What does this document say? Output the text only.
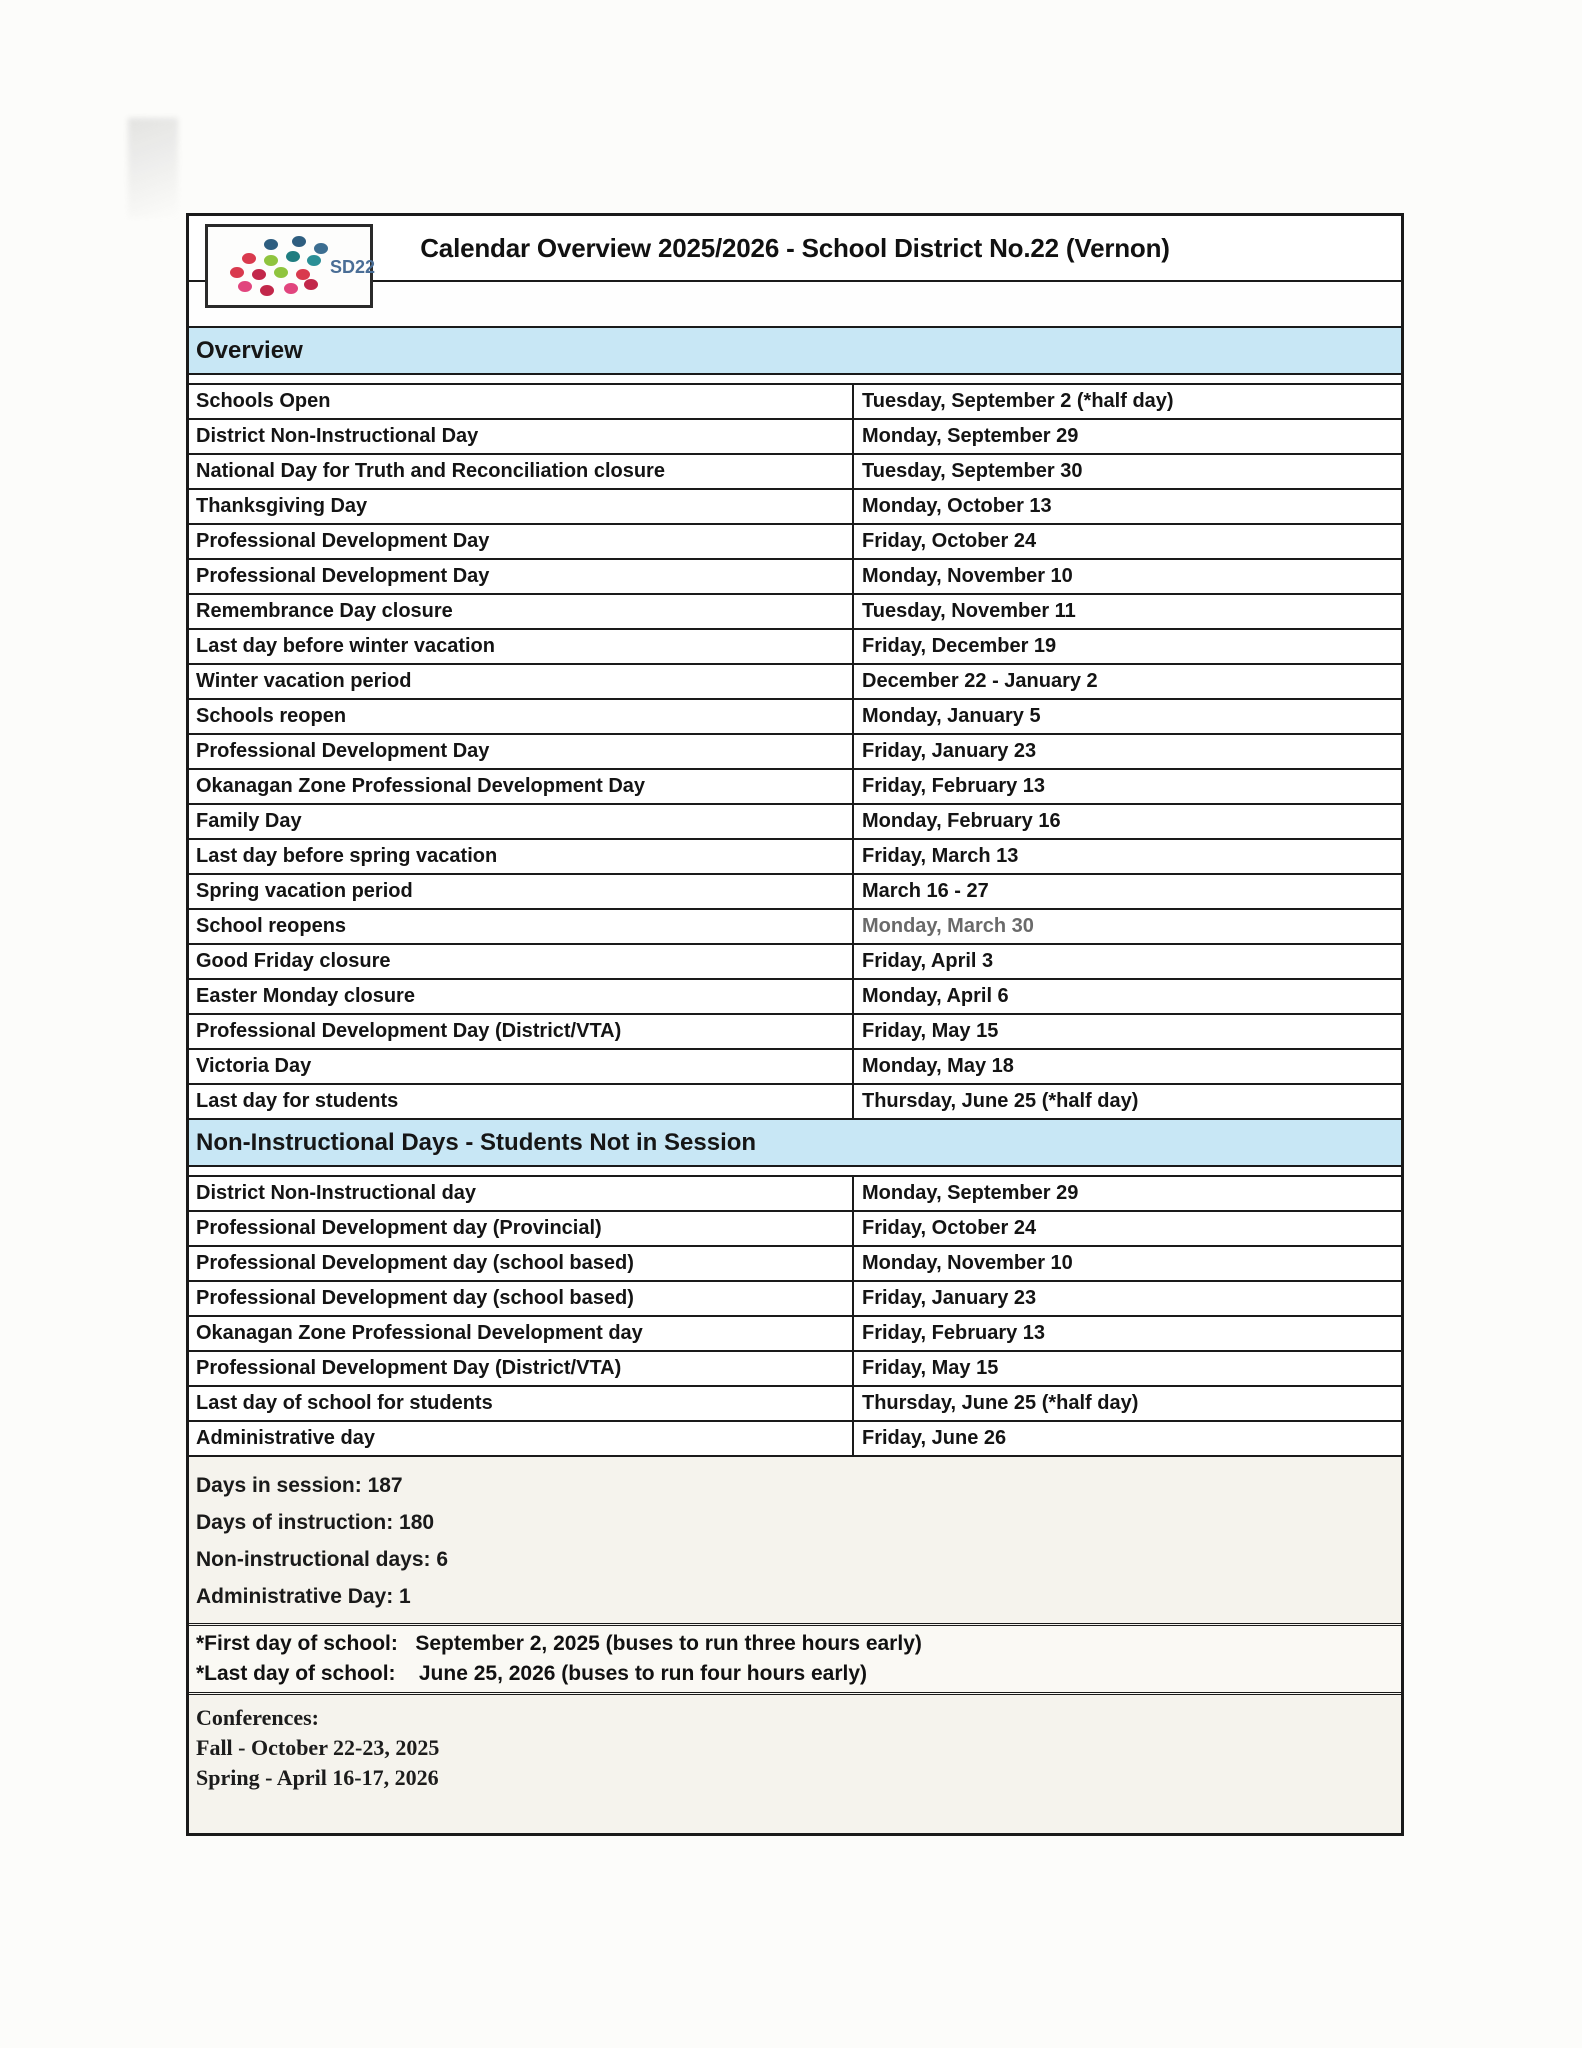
Calendar Overview 2025/2026 - School District No.22 (Vernon)
SD22
Overview
Schools Open	Tuesday, September 2 (*half day)
District Non-Instructional Day	Monday, September 29
National Day for Truth and Reconciliation closure	Tuesday, September 30
Thanksgiving Day	Monday, October 13
Professional Development Day	Friday, October 24
Professional Development Day	Monday, November 10
Remembrance Day closure	Tuesday, November 11
Last day before winter vacation	Friday, December 19
Winter vacation period	December 22 - January 2
Schools reopen	Monday, January 5
Professional Development Day	Friday, January 23
Okanagan Zone Professional Development Day	Friday, February 13
Family Day	Monday, February 16
Last day before spring vacation	Friday, March 13
Spring vacation period	March 16 - 27
School reopens	Monday, March 30
Good Friday closure	Friday, April 3
Easter Monday closure	Monday, April 6
Professional Development Day (District/VTA)	Friday, May 15
Victoria Day	Monday, May 18
Last day for students	Thursday, June 25 (*half day)
Non-Instructional Days - Students Not in Session
District Non-Instructional day	Monday, September 29
Professional Development day (Provincial)	Friday, October 24
Professional Development day (school based)	Monday, November 10
Professional Development day (school based)	Friday, January 23
Okanagan Zone Professional Development day	Friday, February 13
Professional Development Day (District/VTA)	Friday, May 15
Last day of school for students	Thursday, June 25 (*half day)
Administrative day	Friday, June 26
Days in session: 187
Days of instruction: 180
Non-instructional days: 6
Administrative Day: 1
*First day of school:   September 2, 2025 (buses to run three hours early)
*Last day of school:    June 25, 2026 (buses to run four hours early)
Conferences:
Fall - October 22-23, 2025
Spring - April 16-17, 2026
